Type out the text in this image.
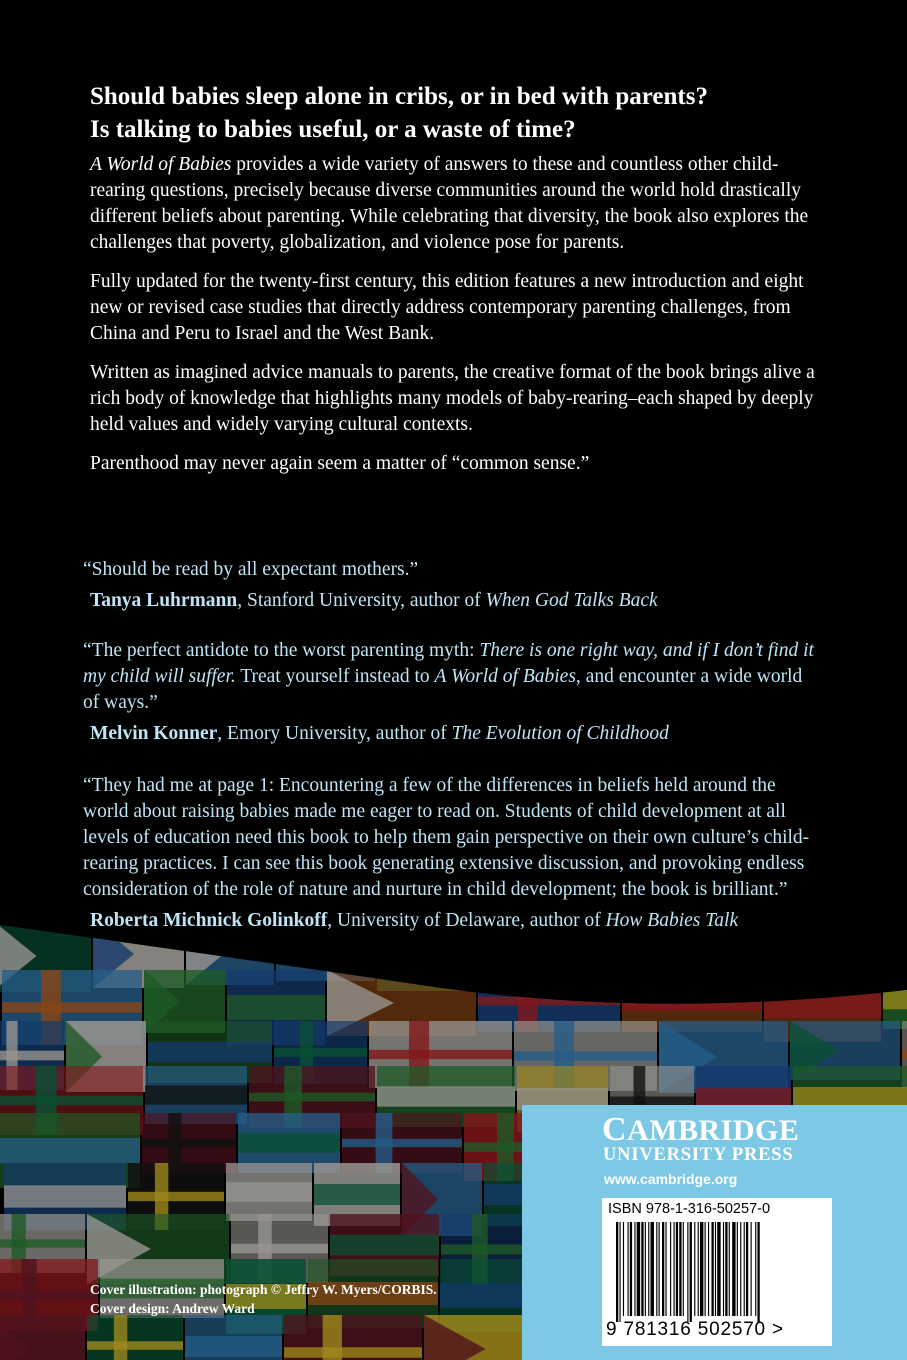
Should babies sleep alone in cribs, or in bed with parents?
Is talking to babies useful, or a waste of time?

A World of Babies provides a wide variety of answers to these and countless other child-rearing questions, precisely because diverse communities around the world hold drastically different beliefs about parenting. While celebrating that diversity, the book also explores the challenges that poverty, globalization, and violence pose for parents.

Fully updated for the twenty-first century, this edition features a new introduction and eight new or revised case studies that directly address contemporary parenting challenges, from China and Peru to Israel and the West Bank.

Written as imagined advice manuals to parents, the creative format of the book brings alive a rich body of knowledge that highlights many models of baby-rearing–each shaped by deeply held values and widely varying cultural contexts.

Parenthood may never again seem a matter of “common sense.”

“Should be read by all expectant mothers.”

Tanya Luhrmann, Stanford University, author of When God Talks Back

“The perfect antidote to the worst parenting myth: There is one right way, and if I don’t find it my child will suffer. Treat yourself instead to A World of Babies, and encounter a wide world of ways.”

Melvin Konner, Emory University, author of The Evolution of Childhood

“They had me at page 1: Encountering a few of the differences in beliefs held around the world about raising babies made me eager to read on. Students of child development at all levels of education need this book to help them gain perspective on their own culture’s child-rearing practices. I can see this book generating extensive discussion, and provoking endless consideration of the role of nature and nurture in child development; the book is brilliant.”

Roberta Michnick Golinkoff, University of Delaware, author of How Babies Talk

Cover illustration: photograph © Jeffry W. Myers/CORBIS.
Cover design: Andrew Ward
CAMBRIDGE
UNIVERSITY PRESS
www.cambridge.org
ISBN 978-1-316-50257-0
9 781316 502570 >
